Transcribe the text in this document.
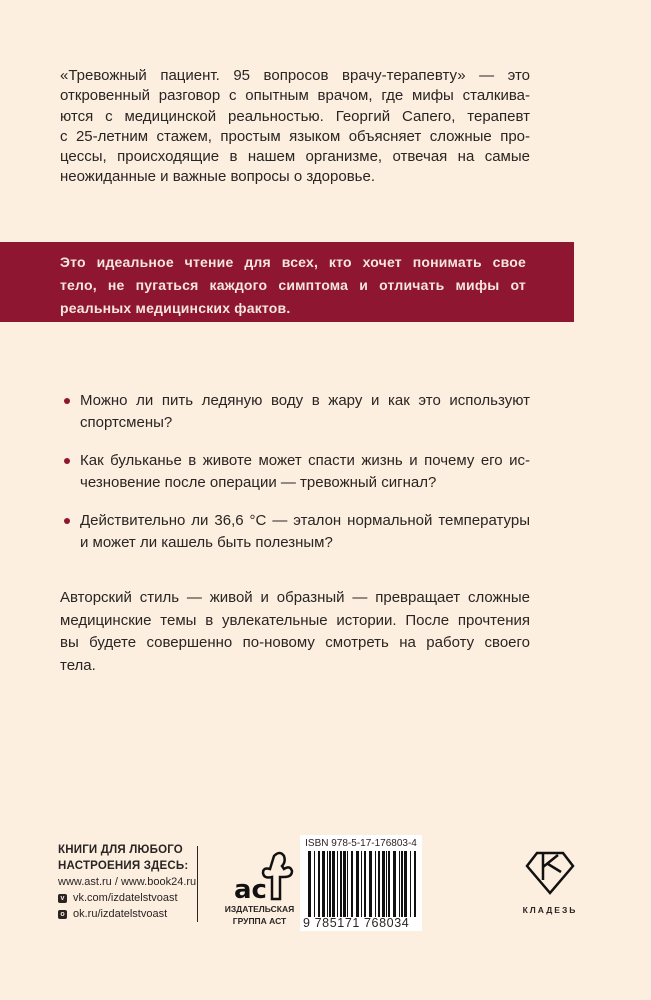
«Тревожный пациент. 95 вопросов врачу-терапевту» — это
откровенный разговор с опытным врачом, где мифы сталкива-
ются с медицинской реальностью. Георгий Сапего, терапевт
с 25-летним стажем, простым языком объясняет сложные про-
цессы, происходящие в нашем организме, отвечая на самые
неожиданные и важные вопросы о здоровье.
Это идеальное чтение для всех, кто хочет понимать свое
тело, не пугаться каждого симптома и отличать мифы от
реальных медицинских фактов.
Можно ли пить ледяную воду в жару и как это используют
спортсмены?
Как бульканье в животе может спасти жизнь и почему его ис-
чезновение после операции — тревожный сигнал?
Действительно ли 36,6 °C — эталон нормальной температуры
и может ли кашель быть полезным?
Авторский стиль — живой и образный — превращает сложные
медицинские темы в увлекательные истории. После прочтения
вы будете совершенно по-новому смотреть на работу своего
тела.
КНИГИ ДЛЯ ЛЮБОГО
НАСТРОЕНИЯ ЗДЕСЬ:
www.ast.ru / www.book24.ru
v vk.com/izdatelstvoast
o ok.ru/izdatelstvoast
ac
ИЗДАТЕЛЬСКАЯ
ГРУППА АСТ
ISBN 978-5-17-176803-4
9 785171 768034
КЛАДЕЗЬ
